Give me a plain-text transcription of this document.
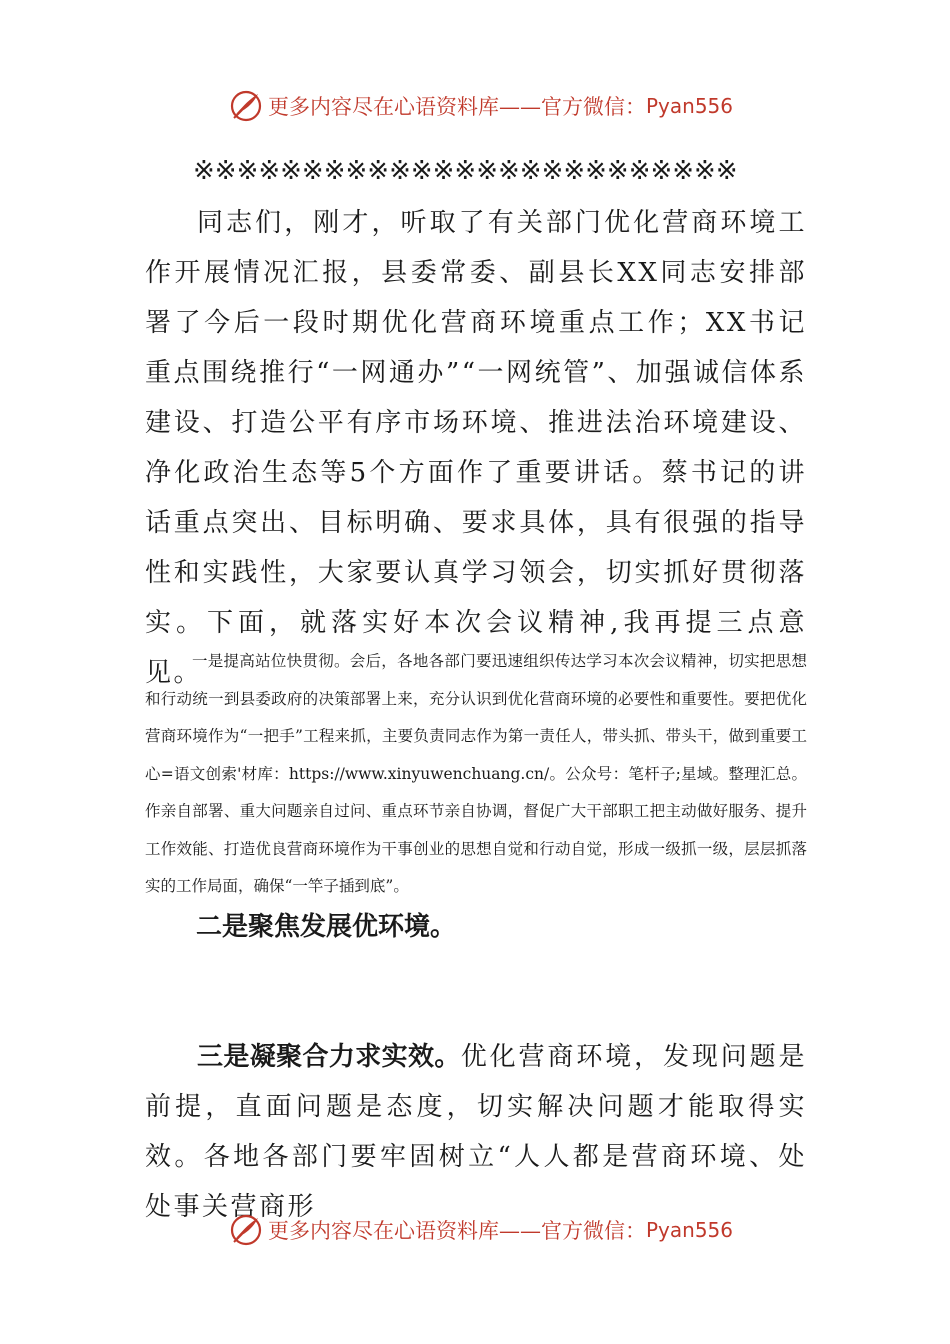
更多内容尽在心语资料库——官方微信： Pyan556
※※※※※※※※※※※※※※※※※※※※※※※※※

同志们，刚才，听取了有关部门优化营商环境工作开展情况汇报，县委常委、副县长XX同志安排部署了今后一段时期优化营商环境重点工作；XX书记重点围绕推行“一网通办”“一网统管”、加强诚信体系建设、打造公平有序市场环境、推进法治环境建设、净化政治生态等5个方面作了重要讲话。蔡书记的讲话重点突出、目标明确、要求具体，具有很强的指导性和实践性，大家要认真学习领会，切实抓好贯彻落实。下面，就落实好本次会议精神,我再提三点意见。

一是提高站位快贯彻。会后，各地各部门要迅速组织传达学习本次会议精神，切实把思想和行动统一到县委政府的决策部署上来，充分认识到优化营商环境的必要性和重要性。要把优化营商环境作为“一把手”工程来抓，主要负责同志作为第一责任人，带头抓、带头干，做到重要工心=语文创索'材库：https://www.xinyuwenchuang.cn/。公众号：笔杆子;星域。整理汇总。作亲自部署、重大问题亲自过问、重点环节亲自协调，督促广大干部职工把主动做好服务、提升工作效能、打造优良营商环境作为干事创业的思想自觉和行动自觉，形成一级抓一级，层层抓落实的工作局面，确保“一竿子插到底”。

二是聚焦发展优环境。

三是凝聚合力求实效。优化营商环境，发现问题是前提，直面问题是态度，切实解决问题才能取得实效。各地各部门要牢固树立“人人都是营商环境、处处事关营商形

更多内容尽在心语资料库——官方微信： Pyan556
